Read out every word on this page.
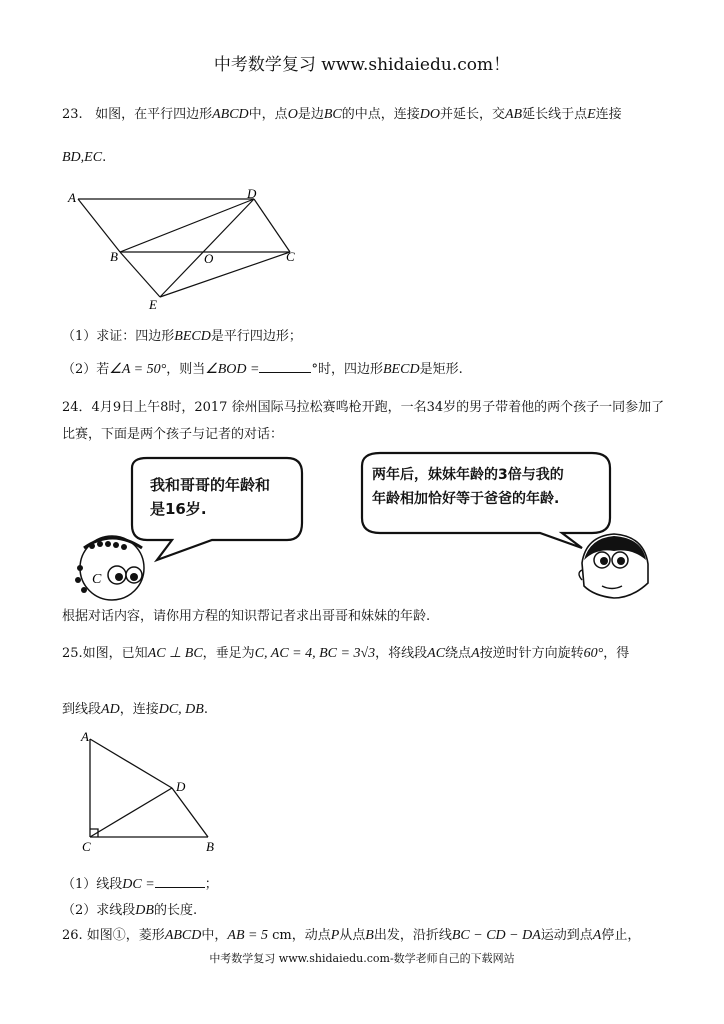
中考数学复习 www.shidaiedu.com！
23. 如图，在平行四边形ABCD中，点O是边BC的中点，连接DO并延长，交AB延长线于点E连接
BD,EC.
A	D
B	O	C
E
（1）求证：四边形BECD是平行四边形；
（2）若∠A = 50°，则当∠BOD =	°时，四边形BECD是矩形.
24．4月9日上午8时，2017 徐州国际马拉松赛鸣枪开跑，一名34岁的男子带着他的两个孩子一同参加了
比赛，下面是两个孩子与记者的对话：
C
我和哥哥的年龄和
是16岁.
两年后，妹妹年龄的3倍与我的
年龄相加恰好等于爸爸的年龄.
根据对话内容，请你用方程的知识帮记者求出哥哥和妹妹的年龄.
25.如图，已知AC ⊥ BC，垂足为C, AC = 4, BC = 3√3，将线段AC绕点A按逆时针方向旋转60°，得
到线段AD，连接DC, DB.
A
D
C	B
（1）线段DC =	；
（2）求线段DB的长度.
26. 如图①，菱形ABCD中，AB = 5 cm，动点P从点B出发，沿折线BC − CD − DA运动到点A停止，
中考数学复习 www.shidaiedu.com-数学老师自己的下载网站
